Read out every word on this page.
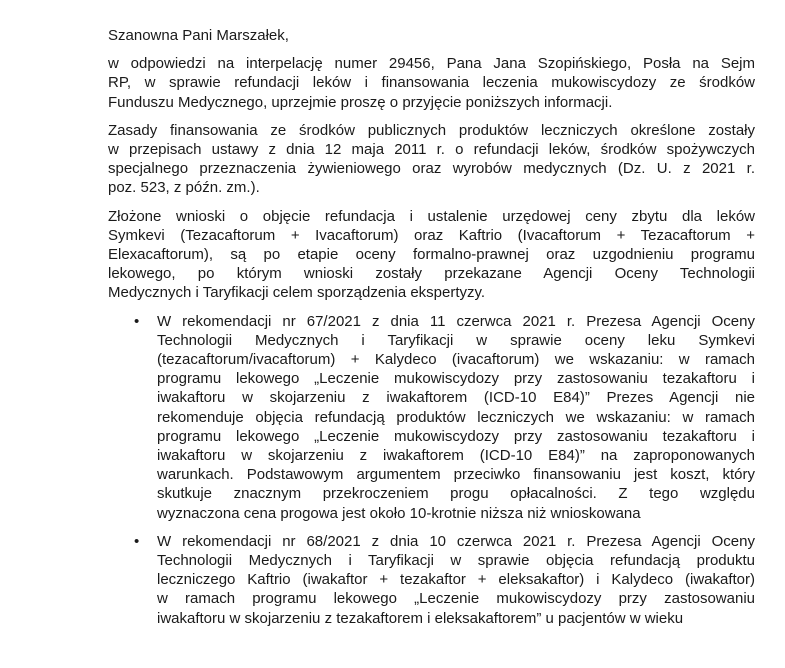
Szanowna Pani Marszałek,
w odpowiedzi na interpelację numer 29456, Pana Jana Szopińskiego, Posła na Sejm
RP, w sprawie refundacji leków i finansowania leczenia mukowiscydozy ze środków
Funduszu Medycznego, uprzejmie proszę o przyjęcie poniższych informacji.
Zasady finansowania ze środków publicznych produktów leczniczych określone zostały
w przepisach ustawy z dnia 12 maja 2011 r. o refundacji leków, środków spożywczych
specjalnego przeznaczenia żywieniowego oraz wyrobów medycznych (Dz. U. z 2021 r.
poz. 523, z późn. zm.).
Złożone wnioski o objęcie refundacja i ustalenie urzędowej ceny zbytu dla leków
Symkevi (Tezacaftorum + Ivacaftorum) oraz Kaftrio (Ivacaftorum + Tezacaftorum +
Elexacaftorum), są po etapie oceny formalno-prawnej oraz uzgodnieniu programu
lekowego, po którym wnioski zostały przekazane Agencji Oceny Technologii
Medycznych i Taryfikacji celem sporządzenia ekspertyzy.
•	W rekomendacji nr 67/2021 z dnia 11 czerwca 2021 r. Prezesa Agencji Oceny
Technologii Medycznych i Taryfikacji w sprawie oceny leku Symkevi
(tezacaftorum/ivacaftorum) + Kalydeco (ivacaftorum) we wskazaniu: w ramach
programu lekowego „Leczenie mukowiscydozy przy zastosowaniu tezakaftoru i
iwakaftoru w skojarzeniu z iwakaftorem (ICD-10 E84)” Prezes Agencji nie
rekomenduje objęcia refundacją produktów leczniczych we wskazaniu: w ramach
programu lekowego „Leczenie mukowiscydozy przy zastosowaniu tezakaftoru i
iwakaftoru w skojarzeniu z iwakaftorem (ICD-10 E84)” na zaproponowanych
warunkach. Podstawowym argumentem przeciwko finansowaniu jest koszt, który
skutkuje znacznym przekroczeniem progu opłacalności. Z tego względu
wyznaczona cena progowa jest około 10-krotnie niższa niż wnioskowana
•	W rekomendacji nr 68/2021 z dnia 10 czerwca 2021 r. Prezesa Agencji Oceny
Technologii Medycznych i Taryfikacji w sprawie objęcia refundacją produktu
leczniczego Kaftrio (iwakaftor + tezakaftor + eleksakaftor) i Kalydeco (iwakaftor)
w ramach programu lekowego „Leczenie mukowiscydozy przy zastosowaniu
iwakaftoru w skojarzeniu z tezakaftorem i eleksakaftorem” u pacjentów w wieku
